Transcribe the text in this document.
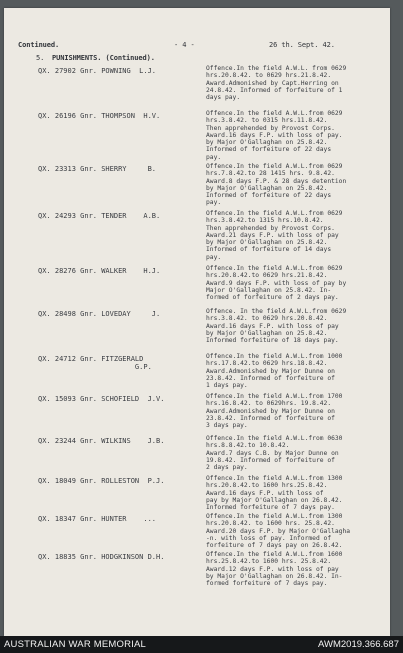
Continued.	- 4 -	26 th. Sept. 42.
5. PUNISHMENTS. (Continued).
QX. 27902 Gnr. POWNING  L.J.	Offence.In the field A.W.L. from 0629
hrs.20.8.42. to 0629 hrs.21.8.42.
Award.Admonished by Capt.Herring on
24.8.42. Informed of forfeiture of 1
days pay.
QX. 26196 Gnr. THOMPSON  H.V.	Offence.In the field A.W.L.from 0629
hrs.3.8.42. to 0315 hrs.11.8.42.
Then apprehended by Provost Corps.
Award.16 days F.P. with loss of pay.
by Major O'Gallaghan on 25.8.42.
Informed of forfeiture of 22 days
pay.
QX. 23313 Gnr. SHERRY     B.	Offence.In the field A.W.L.from 0629
hrs.7.8.42.to 28 1415 hrs. 9.8.42.
Award.8 days F.P. & 28 days detention
by Major O'Gallaghan on 25.8.42.
Informed of forfeiture of 22 days
pay.
QX. 24293 Gnr. TENDER    A.B.	Offence.In the field A.W.L.from 0629
hrs.3.8.42.to 1315 hrs.10.8.42.
Then apprehended by Provost Corps.
Award.21 days F.P. with loss of pay
by Major O'Gallaghan on 25.8.42.
Informed of forfeiture of 14 days
pay.
QX. 28276 Gnr. WALKER    H.J.	Offence.In the field A.W.L.from 0629
hrs.20.8.42.to 0629 hrs.21.8.42.
Award.9 days F.P. with loss of pay by
Major O'Gallaghan on 25.8.42. In-
formed of forfeiture of 2 days pay.
QX. 28498 Gnr. LOVEDAY     J.	Offence. In the field A.W.L.from 0629
hrs.3.8.42. to 0629 hrs.20.8.42.
Award.16 days F.P. with loss of pay
by Major O'Gallaghan on 25.8.42.
Informed forfeiture of 18 days pay.
QX. 24712 Gnr. FITZGERALD
G.P.
Offence.In the field A.W.L.from 1000
hrs.17.8.42.to 0629 hrs.18.8.42.
Award.Admonished by Major Dunne on
23.8.42. Informed of forfeiture of
1 days pay.
QX. 15093 Gnr. SCHOFIELD  J.V.	Offence.In the field A.W.L.from 1700
hrs.16.8.42. to 0629hrs. 19.8.42.
Award.Admonished by Major Dunne on
23.8.42. Informed of forfeiture of
3 days pay.
QX. 23244 Gnr. WILKINS    J.B.	Offence.In the field A.W.L.from 0630
hrs.8.8.42.to 10.8.42.
Award.7 days C.B. by Major Dunne on
19.8.42. Informed of forfeiture of
2 days pay.
QX. 18049 Gnr. ROLLESTON  P.J.	Offence.In the field A.W.L.from 1300
hrs.20.8.42.to 1600 hrs.25.8.42.
Award.16 days F.P. with loss of
pay by Major O'Gallaghan on 26.8.42.
Informed forfeiture of 7 days pay.
QX. 18347 Gnr. HUNTER    ...	Offence.In the field A.W.L.from 1300
hrs.20.8.42. to 1600 hrs. 25.8.42.
Award.20 days F.P. by Major O'Gallagha
-n. with loss of pay. Informed of
forfeiture of 7 days pay on 26.8.42.
QX. 18835 Gnr. HODGKINSON D.H.	Offence.In the field A.W.L.from 1600
hrs.25.8.42.to 1600 hrs. 25.8.42.
Award.12 days F.P. with loss of pay
by Major O'Gallaghan on 26.8.42. In-
formed forfeiture of 7 days pay.
AUSTRALIAN WAR MEMORIAL	AWM2019.366.687
